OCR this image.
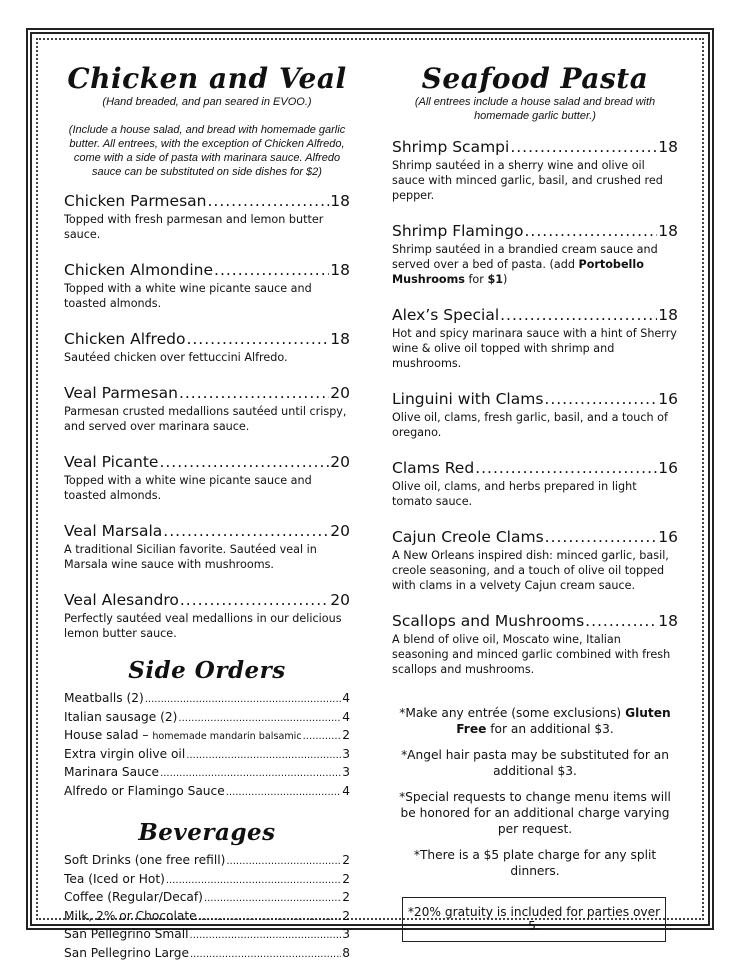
Chicken and Veal

(Hand breaded, and pan seared in EVOO.)

(Include a house salad, and bread with homemade garlic butter. All entrees, with the exception of Chicken Alfredo, come with a side of pasta with marinara sauce. Alfredo sauce can be substituted on side dishes for $2)

Chicken Parmesan .....	18

Topped with fresh parmesan and lemon butter sauce.

Chicken Almondine .....	18

Topped with a white wine picante sauce and toasted almonds.

Chicken Alfredo .....	18

Sautéed chicken over fettuccini Alfredo.

Veal Parmesan .....	20

Parmesan crusted medallions sautéed until crispy, and served over marinara sauce.

Veal Picante .....	20

Topped with a white wine picante sauce and toasted almonds.

Veal Marsala .....	20

A traditional Sicilian favorite. Sautéed veal in Marsala wine sauce with mushrooms.

Veal Alesandro .....	20

Perfectly sautéed veal medallions in our delicious lemon butter sauce.

Side Orders
Meatballs (2) .....	4
Italian sausage (2) .....	4
House salad – homemade mandarin balsamic .....	2
Extra virgin olive oil .....	3
Marinara Sauce .....	3
Alfredo or Flamingo Sauce .....	4
Beverages
Soft Drinks (one free refill) .....	2
Tea (Iced or Hot) .....	2
Coffee (Regular/Decaf) .....	2
Milk, 2% or Chocolate .....	2
San Pellegrino Small .....	3
San Pellegrino Large .....	8
Seafood Pasta

(All entrees include a house salad and bread with homemade garlic butter.)

Shrimp Scampi .....	18

Shrimp sautéed in a sherry wine and olive oil sauce with minced garlic, basil, and crushed red pepper.

Shrimp Flamingo .....	18

Shrimp sautéed in a brandied cream sauce and served over a bed of pasta. (add Portobello Mushrooms for $1)

Alex’s Special .....	18

Hot and spicy marinara sauce with a hint of Sherry wine & olive oil topped with shrimp and mushrooms.

Linguini with Clams .....	16

Olive oil, clams, fresh garlic, basil, and a touch of oregano.

Clams Red .....	16

Olive oil, clams, and herbs prepared in light tomato sauce.

Cajun Creole Clams .....	16

A New Orleans inspired dish: minced garlic, basil, creole seasoning, and a touch of olive oil topped with clams in a velvety Cajun cream sauce.

Scallops and Mushrooms .....	18

A blend of olive oil, Moscato wine, Italian seasoning and minced garlic combined with fresh scallops and mushrooms.

*Make any entrée (some exclusions) Gluten Free for an additional $3.

*Angel hair pasta may be substituted for an additional $3.

*Special requests to change menu items will be honored for an additional charge varying per request.

*There is a $5 plate charge for any split dinners.

*20% gratuity is included for parties over 5.
